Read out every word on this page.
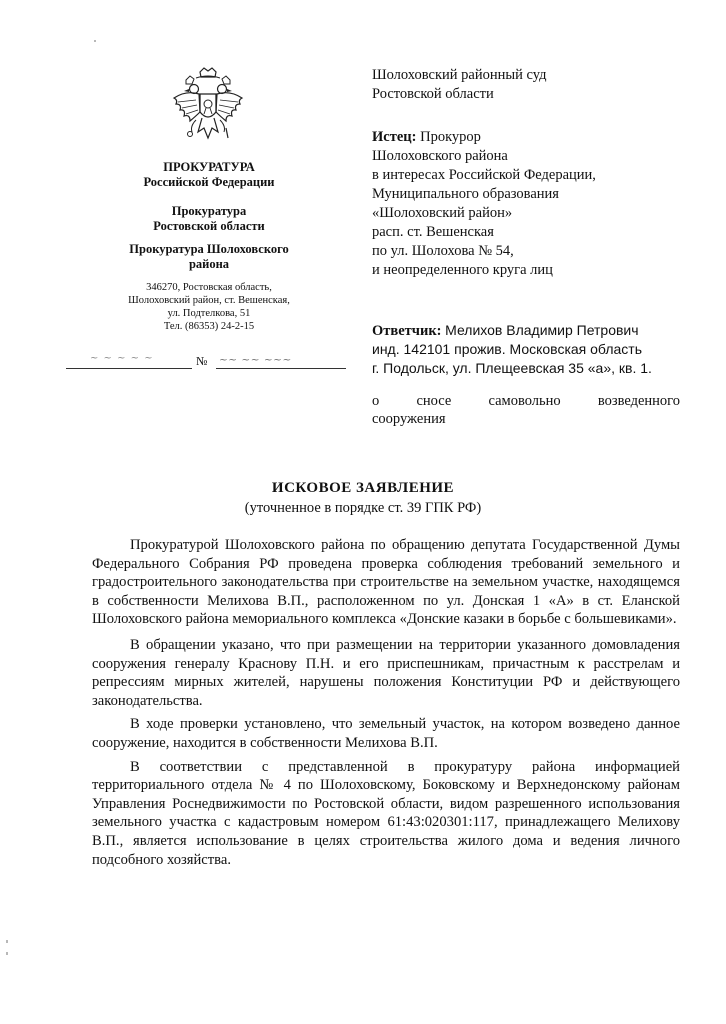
ПРОКУРАТУРА
Российской Федерации
Прокуратура
Ростовской области
Прокуратура Шолоховского
района
346270, Ростовская область,
Шолоховский район, ст. Вешенская,
ул. Подтелкова, 51
Тел. (86353) 24-2-15
~ ~ ~ ~ ~	№ ~~ ~~ ~~~
Шолоховский районный суд
Ростовской области
Истец: Прокурор
Шолоховского района
в интересах Российской Федерации,
Муниципального образования
«Шолоховский район»
расп. ст. Вешенская
по ул. Шолохова № 54,
и неопределенного круга лиц
Ответчик: Мелихов Владимир Петрович
инд. 142101 прожив. Московская область
г. Подольск, ул. Плещеевская 35 «а», кв. 1.
о сносе самовольно возведенного
сооружения
ИСКОВОЕ ЗАЯВЛЕНИЕ
(уточненное в порядке ст. 39 ГПК РФ)

Прокуратурой Шолоховского района по обращению депутата Государственной Думы Федерального Собрания РФ проведена проверка соблюдения требований земельного и градостроительного законодательства при строительстве на земельном участке, находящемся в собственности Мелихова В.П., расположенном по ул. Донская 1 «А» в ст. Еланской Шолоховского района мемориального комплекса «Донские казаки в борьбе с большевиками».

В обращении указано, что при размещении на территории указанного домовладения сооружения генералу Краснову П.Н. и его приспешникам, причастным к расстрелам и репрессиям мирных жителей, нарушены положения Конституции РФ и действующего законодательства.

В ходе проверки установлено, что земельный участок, на котором возведено данное сооружение, находится в собственности Мелихова В.П.

В соответствии с представленной в прокуратуру района информацией территориального отдела № 4 по Шолоховскому, Боковскому и Верхнедонскому районам Управления Роснедвижимости по Ростовской области, видом разрешенного использования земельного участка с кадастровым номером 61:43:020301:117, принадлежащего Мелихову В.П., является использование в целях строительства жилого дома и ведения личного подсобного хозяйства.
